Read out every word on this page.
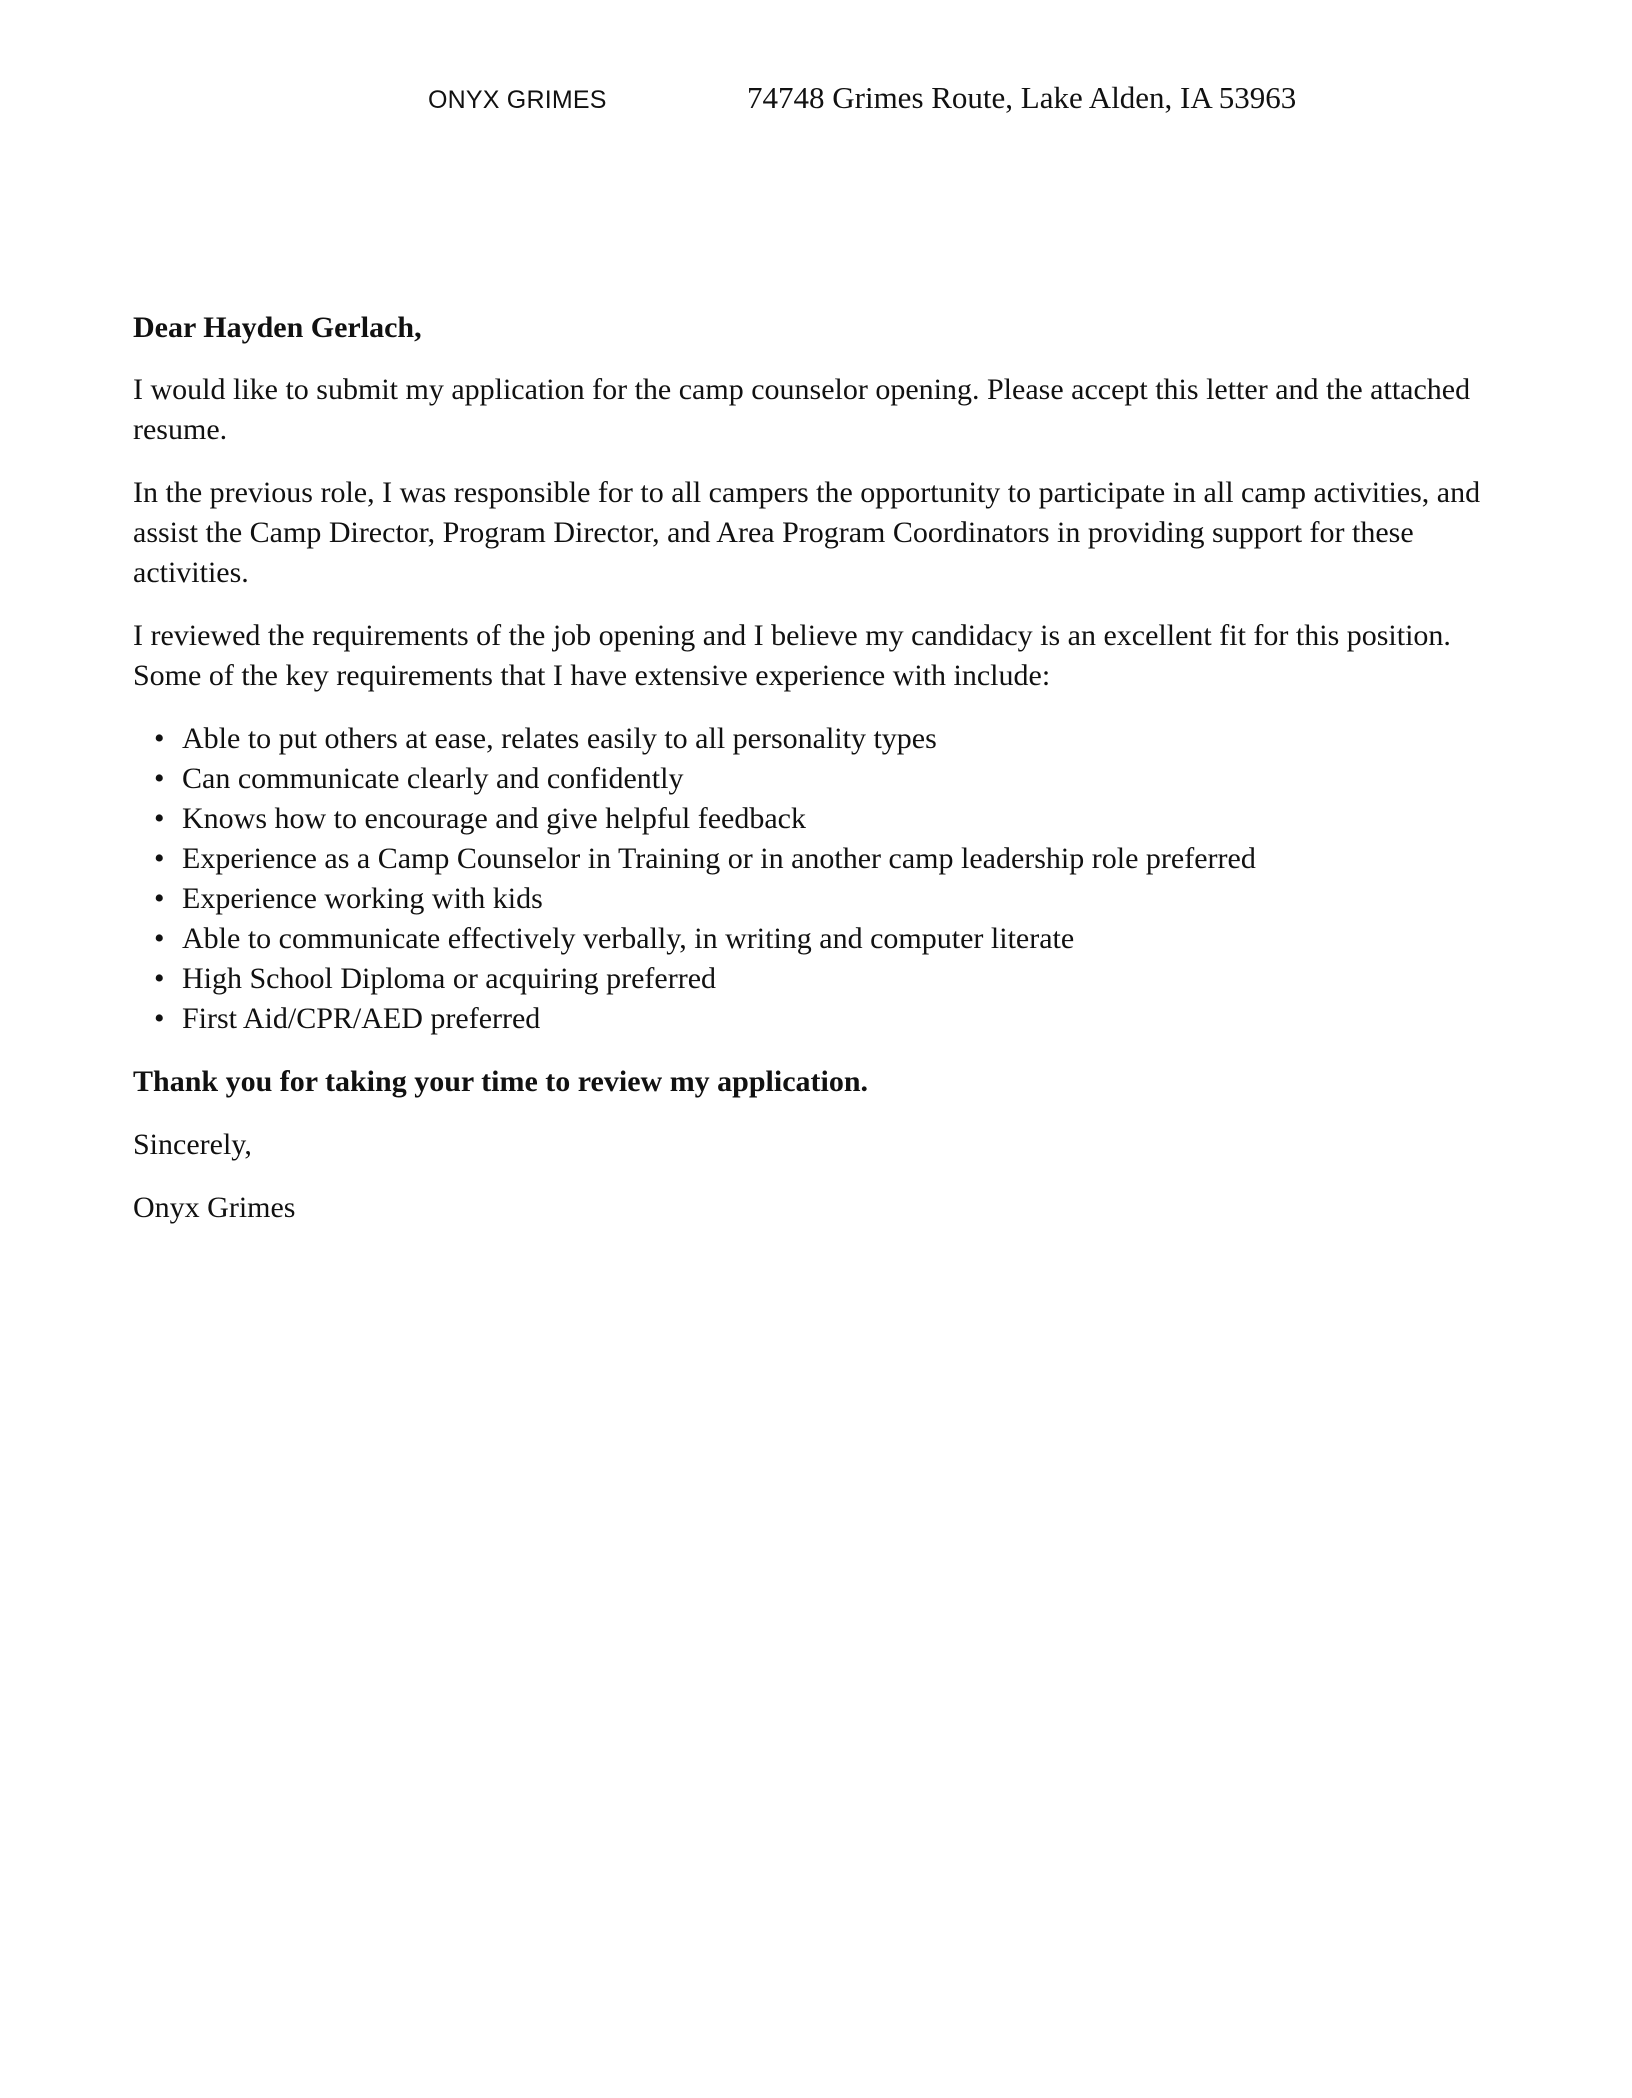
ONYX GRIMES	74748 Grimes Route, Lake Alden, IA 53963

Dear Hayden Gerlach,

I would like to submit my application for the camp counselor opening. Please accept this letter and the attached resume.

In the previous role, I was responsible for to all campers the opportunity to participate in all camp activities, and assist the Camp Director, Program Director, and Area Program Coordinators in providing support for these activities.

I reviewed the requirements of the job opening and I believe my candidacy is an excellent fit for this position. Some of the key requirements that I have extensive experience with include:

• Able to put others at ease, relates easily to all personality types
• Can communicate clearly and confidently
• Knows how to encourage and give helpful feedback
• Experience as a Camp Counselor in Training or in another camp leadership role preferred
• Experience working with kids
• Able to communicate effectively verbally, in writing and computer literate
• High School Diploma or acquiring preferred
• First Aid/CPR/AED preferred

Thank you for taking your time to review my application.

Sincerely,

Onyx Grimes
